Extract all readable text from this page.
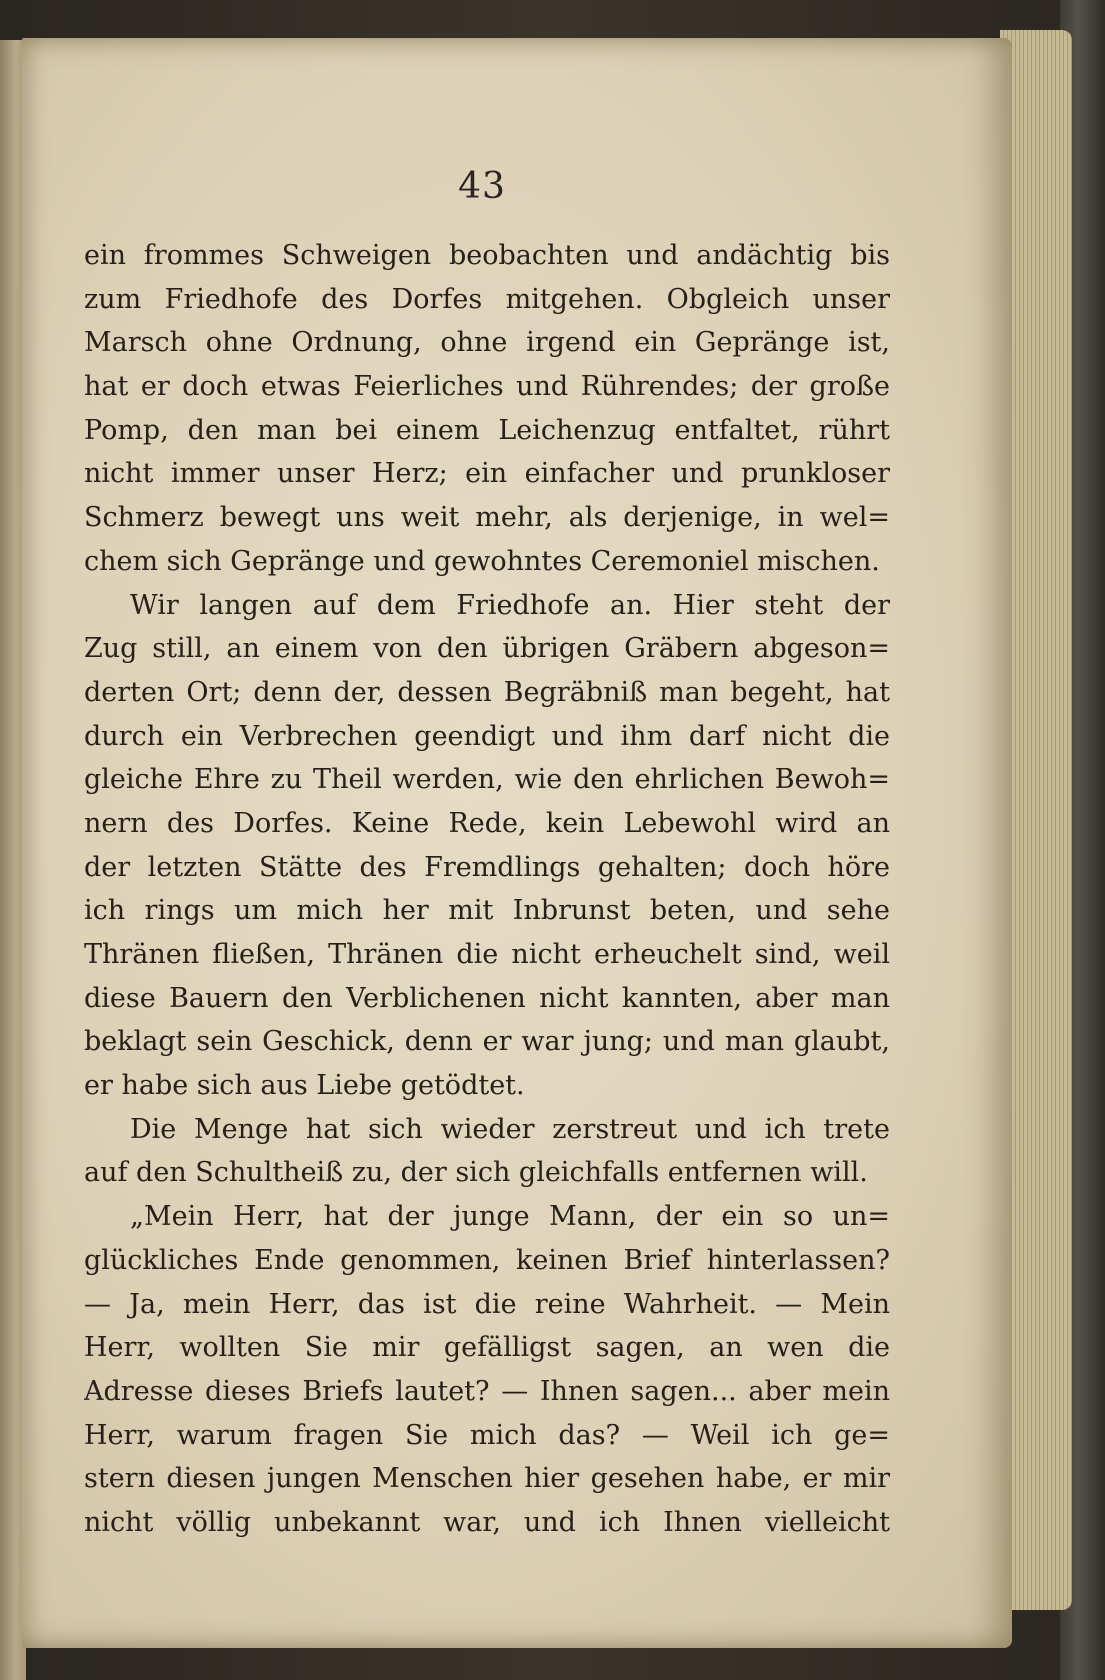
43
ein frommes Schweigen beobachten und andächtig bis
zum Friedhofe des Dorfes mitgehen. Obgleich unser
Marsch ohne Ordnung, ohne irgend ein Gepränge ist,
hat er doch etwas Feierliches und Rührendes; der große
Pomp, den man bei einem Leichenzug entfaltet, rührt
nicht immer unser Herz; ein einfacher und prunkloser
Schmerz bewegt uns weit mehr, als derjenige, in wel=
chem sich Gepränge und gewohntes Ceremoniel mischen.
Wir langen auf dem Friedhofe an. Hier steht der
Zug still, an einem von den übrigen Gräbern abgeson=
derten Ort; denn der, dessen Begräbniß man begeht, hat
durch ein Verbrechen geendigt und ihm darf nicht die
gleiche Ehre zu Theil werden, wie den ehrlichen Bewoh=
nern des Dorfes. Keine Rede, kein Lebewohl wird an
der letzten Stätte des Fremdlings gehalten; doch höre
ich rings um mich her mit Inbrunst beten, und sehe
Thränen fließen, Thränen die nicht erheuchelt sind, weil
diese Bauern den Verblichenen nicht kannten, aber man
beklagt sein Geschick, denn er war jung; und man glaubt,
er habe sich aus Liebe getödtet.
Die Menge hat sich wieder zerstreut und ich trete
auf den Schultheiß zu, der sich gleichfalls entfernen will.
„Mein Herr, hat der junge Mann, der ein so un=
glückliches Ende genommen, keinen Brief hinterlassen?
— Ja, mein Herr, das ist die reine Wahrheit. — Mein
Herr, wollten Sie mir gefälligst sagen, an wen die
Adresse dieses Briefs lautet? — Ihnen sagen... aber mein
Herr, warum fragen Sie mich das? — Weil ich ge=
stern diesen jungen Menschen hier gesehen habe, er mir
nicht völlig unbekannt war, und ich Ihnen vielleicht
